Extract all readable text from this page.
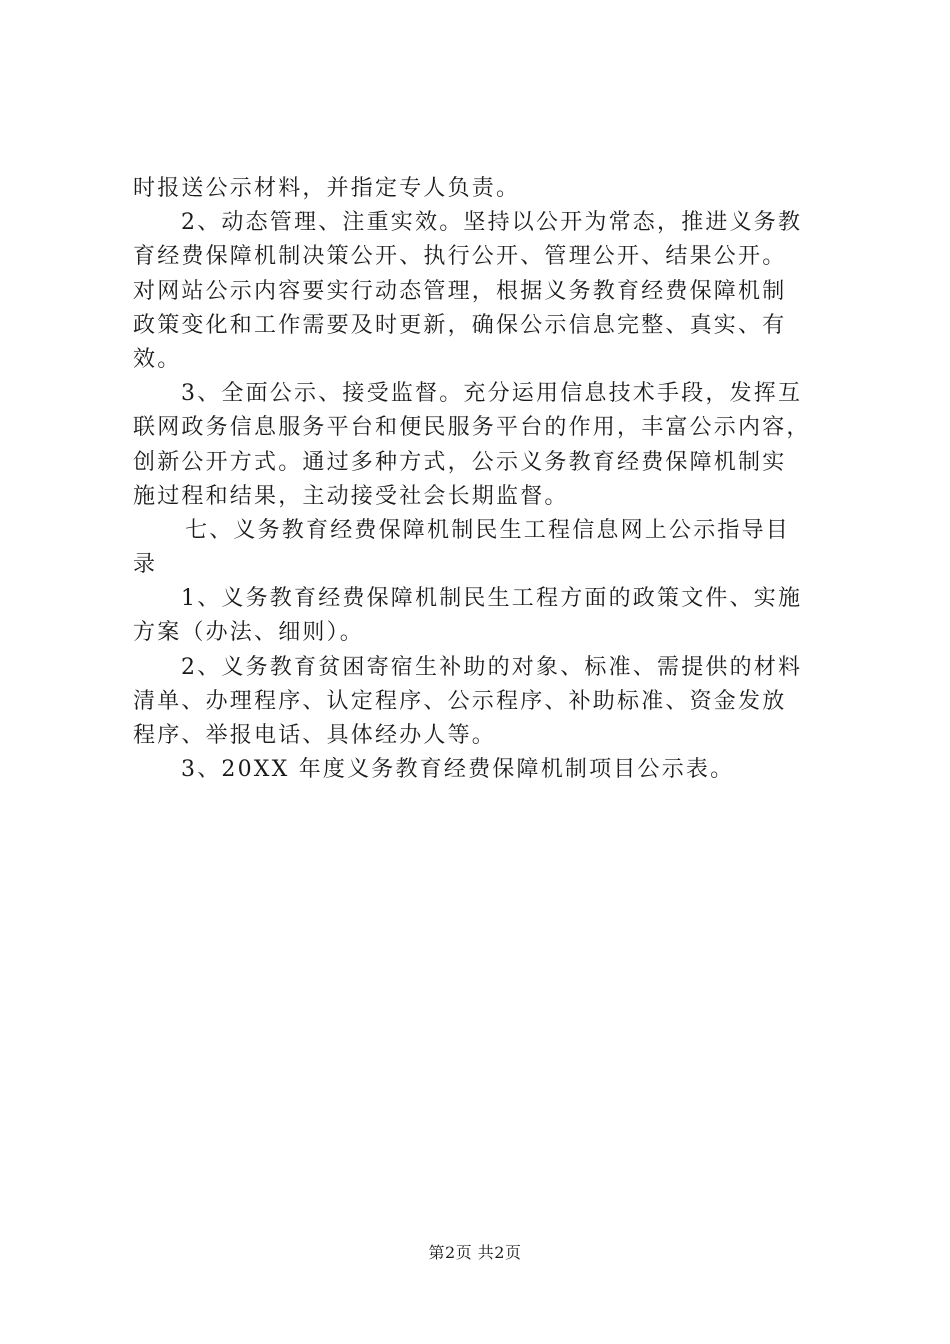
时报送公示材料，并指定专人负责。
2、动态管理、注重实效。坚持以公开为常态，推进义务教
育经费保障机制决策公开、执行公开、管理公开、结果公开。
对网站公示内容要实行动态管理，根据义务教育经费保障机制
政策变化和工作需要及时更新，确保公示信息完整、真实、有
效。
3、全面公示、接受监督。充分运用信息技术手段，发挥互
联网政务信息服务平台和便民服务平台的作用，丰富公示内容，
创新公开方式。通过多种方式，公示义务教育经费保障机制实
施过程和结果，主动接受社会长期监督。
七、义务教育经费保障机制民生工程信息网上公示指导目
录
1、义务教育经费保障机制民生工程方面的政策文件、实施
方案（办法、细则）。
2、义务教育贫困寄宿生补助的对象、标准、需提供的材料
清单、办理程序、认定程序、公示程序、补助标准、资金发放
程序、举报电话、具体经办人等。
3、20XX 年度义务教育经费保障机制项目公示表。
第2页 共2页
